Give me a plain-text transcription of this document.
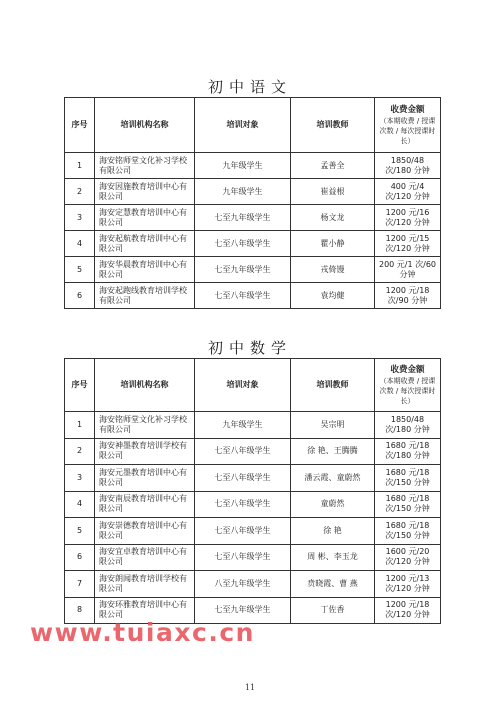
初中语文
序号	培训机构名称	培训对象	培训教师	收费金额
（本期收费 / 授课次数 / 每次授课时长）

1	海安铭师堂文化补习学校有限公司	九年级学生	孟善全	1850/48 次/180 分钟
2	海安因施教育培训中心有限公司	九年级学生	崔益根	400 元/4 次/120 分钟
3	海安定慧教育培训中心有限公司	七至九年级学生	杨文龙	1200 元/16 次/120 分钟
4	海安起航教育培训中心有限公司	七至八年级学生	瞿小静	1200 元/15 次/120 分钟
5	海安华晨教育培训中心有限公司	七至九年级学生	戎倚馒	200 元/1 次/60 分钟
6	海安起跑线教育培训学校有限公司	七至八年级学生	袁均健	1200 元/18 次/90 分钟
初中数学
序号	培训机构名称	培训对象	培训教师	收费金额
（本期收费 / 授课次数 / 每次授课时长）

1	海安铭师堂文化补习学校有限公司	九年级学生	吴宗明	1850/48 次/180 分钟
2	海安神墨教育培训学校有限公司	七至八年级学生	徐 艳、王腾腾	1680 元/18 次/180 分钟
3	海安元墨教育培训中心有限公司	七至八年级学生	潘云霞、童蔚然	1680 元/18 次/150 分钟
4	海安南辰教育培训中心有限公司	七至八年级学生	童蔚然	1680 元/18 次/150 分钟
5	海安崇德教育培训中心有限公司	七至八年级学生	徐 艳	1680 元/18 次/150 分钟
6	海安宜卓教育培训中心有限公司	七至八年级学生	周 彬、李玉龙	1600 元/20 次/120 分钟
7	海安朗闻教育培训学校有限公司	八至九年级学生	贲晓霞、曹 燕	1200 元/13 次/120 分钟
8	海安环雅教育培训中心有限公司	七至九年级学生	丁佐香	1200 元/18 次/120 分钟
www.tuiaxc.cn
11
